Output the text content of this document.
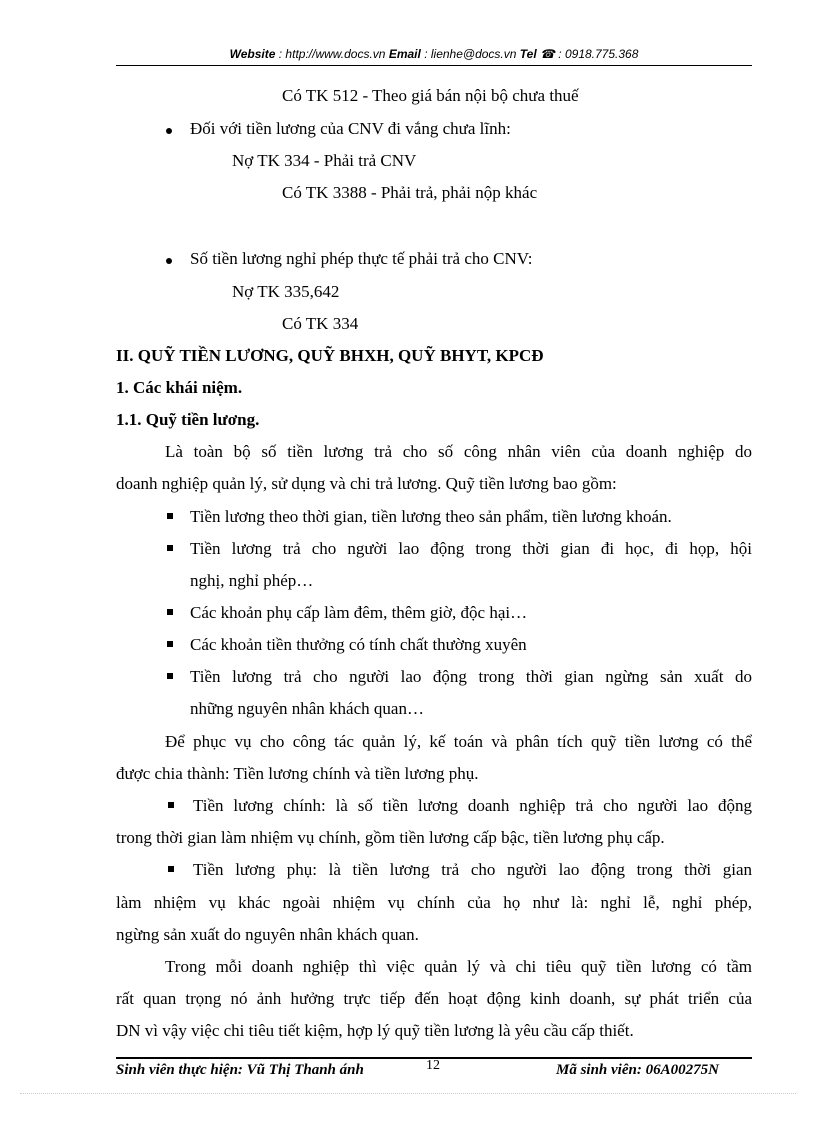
Website : http://www.docs.vn Email : lienhe@docs.vn Tel ☎ : 0918.775.368
Có TK 512 - Theo giá bán nội bộ chưa thuế
Đối với tiền lương của CNV đi vắng chưa lĩnh:
Nợ TK 334 - Phải trả CNV
Có TK 3388 - Phải trả, phải nộp khác
Số tiền lương nghỉ phép thực tế phải trả cho CNV:
Nợ TK 335,642
Có TK 334
II. QUỸ TIỀN LƯƠNG, QUỸ BHXH, QUỸ BHYT, KPCĐ
1. Các khái niệm.
1.1. Quỹ tiền lương.
Là toàn bộ số tiền lương trả cho số công nhân viên của doanh nghiệp do
doanh nghiệp quản lý, sử dụng và chi trả lương. Quỹ tiền lương bao gồm:
Tiền lương theo thời gian, tiền lương theo sản phẩm, tiền lương khoán.
Tiền lương trả cho người lao động trong thời gian đi học, đi họp, hội
nghị, nghỉ phép…
Các khoản phụ cấp làm đêm, thêm giờ, độc hại…
Các khoản tiền thưởng có tính chất thường xuyên
Tiền lương trả cho người lao động trong thời gian ngừng sản xuất do
những nguyên nhân khách quan…
Để phục vụ cho công tác quản lý, kế toán và phân tích quỹ tiền lương có thể
được chia thành: Tiền lương chính và tiền lương phụ.
Tiền lương chính: là số tiền lương doanh nghiệp trả cho người lao động
trong thời gian làm nhiệm vụ chính, gồm tiền lương cấp bậc, tiền lương phụ cấp.
Tiền lương phụ: là tiền lương trả cho người lao động trong thời gian
làm nhiệm vụ khác ngoài nhiệm vụ chính của họ như là: nghỉ lễ, nghỉ phép,
ngừng sản xuất do nguyên nhân khách quan.
Trong mỗi doanh nghiệp thì việc quản lý và chi tiêu quỹ tiền lương có tầm
rất quan trọng nó ảnh hưởng trực tiếp đến hoạt động kinh doanh, sự phát triển của
DN vì vậy việc chi tiêu tiết kiệm, hợp lý quỹ tiền lương là yêu cầu cấp thiết.
Sinh viên thực hiện: Vũ Thị Thanh ánh	12	Mã sinh viên: 06A00275N
